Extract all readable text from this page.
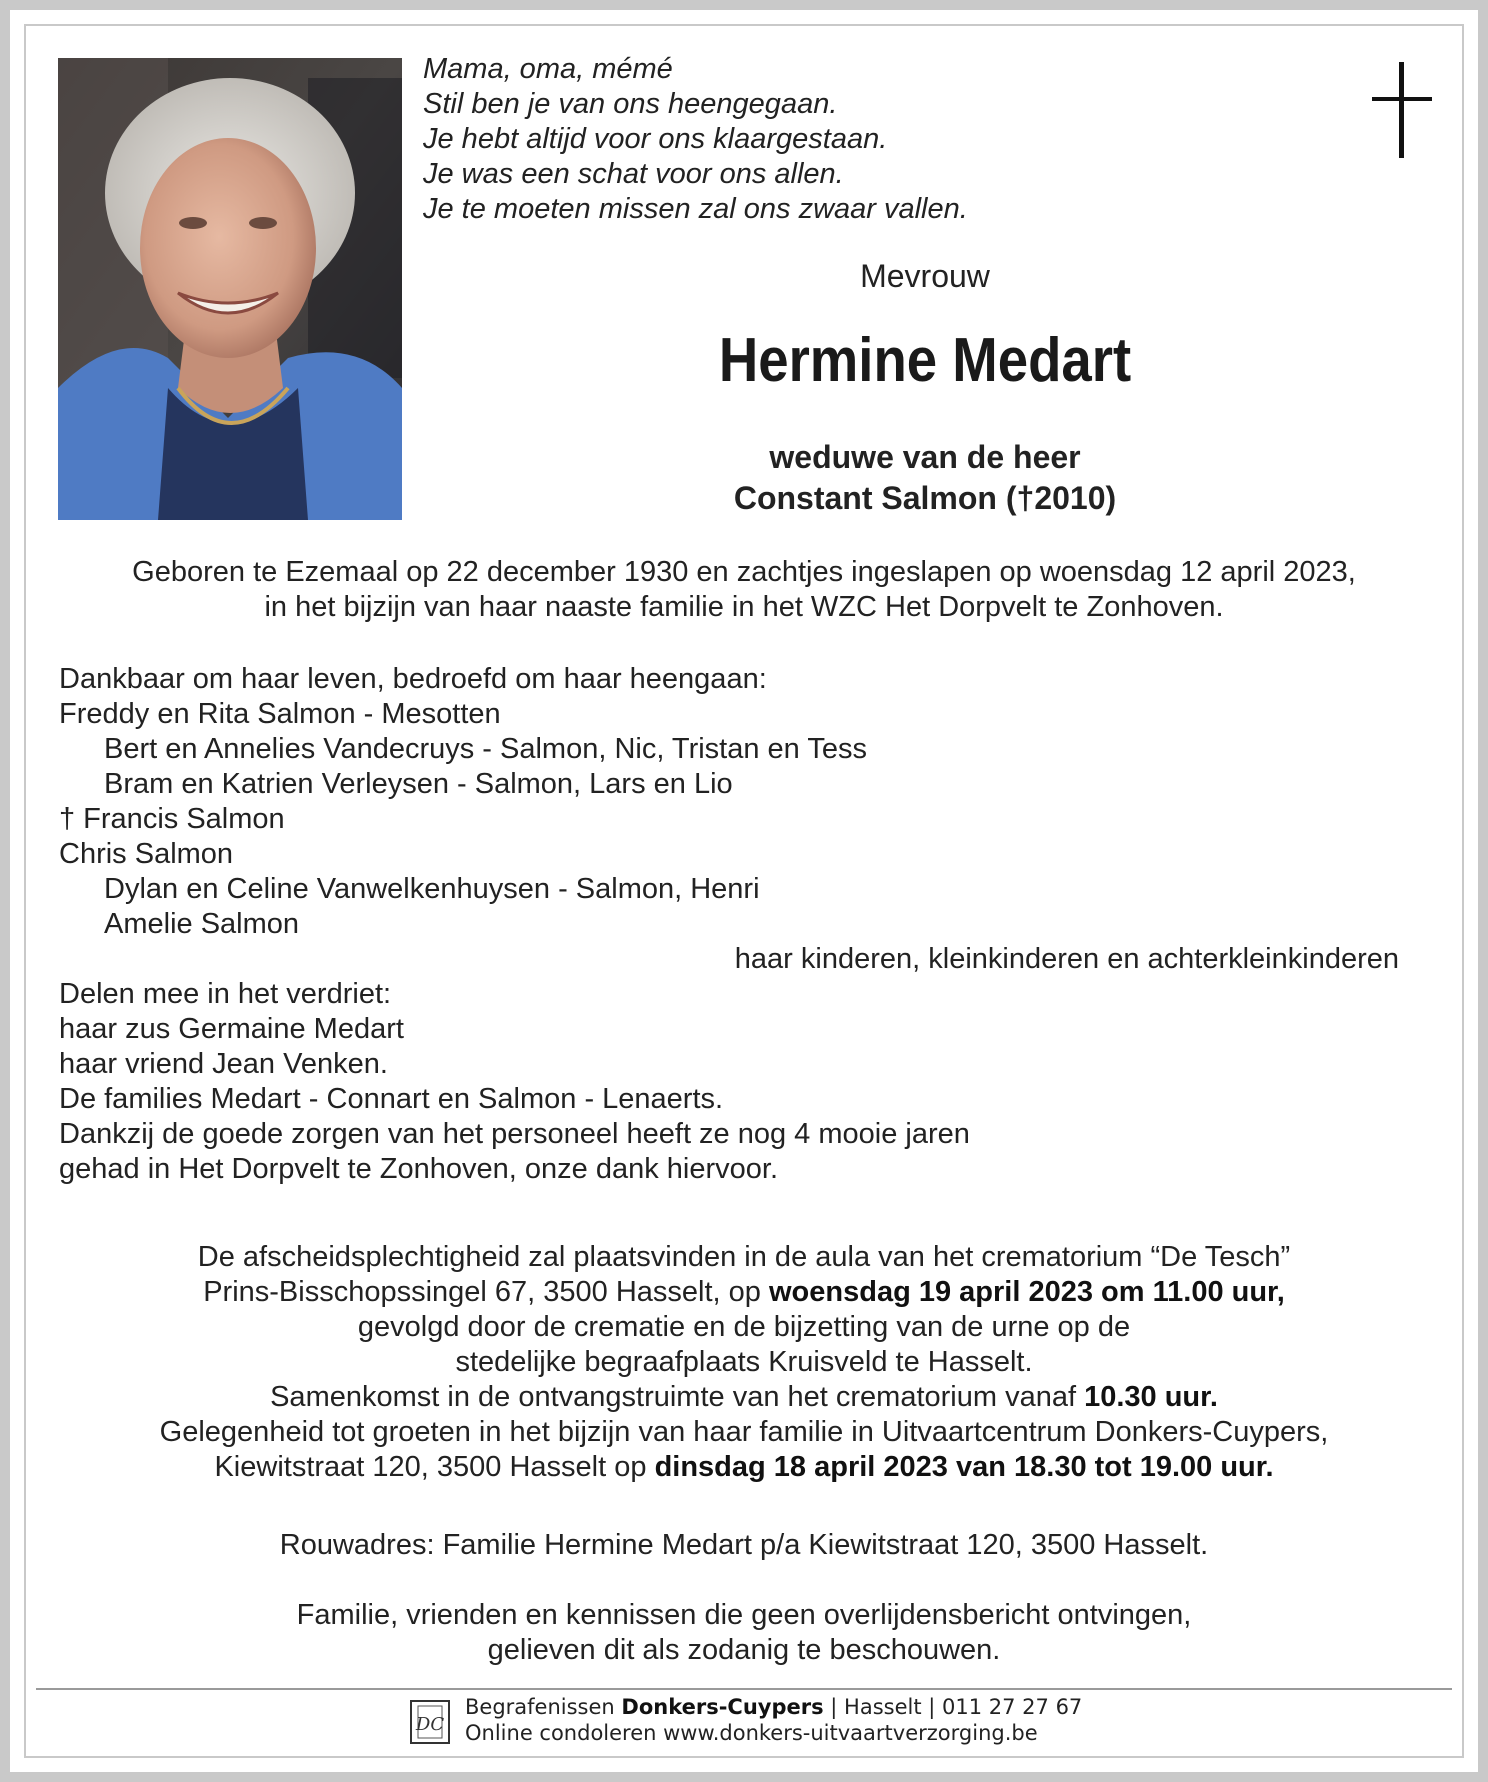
Mama, oma, mémé
Stil ben je van ons heengegaan.
Je hebt altijd voor ons klaargestaan.
Je was een schat voor ons allen.
Je te moeten missen zal ons zwaar vallen.
Mevrouw
Hermine Medart
weduwe van de heer
Constant Salmon (†2010)
Geboren te Ezemaal op 22 december 1930 en zachtjes ingeslapen op woensdag 12 april 2023,
in het bijzijn van haar naaste familie in het WZC Het Dorpvelt te Zonhoven.
Dankbaar om haar leven, bedroefd om haar heengaan:
Freddy en Rita Salmon - Mesotten
Bert en Annelies Vandecruys - Salmon, Nic, Tristan en Tess
Bram en Katrien Verleysen - Salmon, Lars en Lio
† Francis Salmon
Chris Salmon
Dylan en Celine Vanwelkenhuysen - Salmon, Henri
Amelie Salmon
haar kinderen, kleinkinderen en achterkleinkinderen
Delen mee in het verdriet:
haar zus Germaine Medart
haar vriend Jean Venken.
De families Medart - Connart en Salmon - Lenaerts.
Dankzij de goede zorgen van het personeel heeft ze nog 4 mooie jaren
gehad in Het Dorpvelt te Zonhoven, onze dank hiervoor.
De afscheidsplechtigheid zal plaatsvinden in de aula van het crematorium “De Tesch”
Prins-Bisschopssingel 67, 3500 Hasselt, op woensdag 19 april 2023 om 11.00 uur,
gevolgd door de crematie en de bijzetting van de urne op de
stedelijke begraafplaats Kruisveld te Hasselt.
Samenkomst in de ontvangstruimte van het crematorium vanaf 10.30 uur.
Gelegenheid tot groeten in het bijzijn van haar familie in Uitvaartcentrum Donkers-Cuypers,
Kiewitstraat 120, 3500 Hasselt op dinsdag 18 april 2023 van 18.30 tot 19.00 uur.
Rouwadres: Familie Hermine Medart p/a Kiewitstraat 120, 3500 Hasselt.
Familie, vrienden en kennissen die geen overlijdensbericht ontvingen,
gelieven dit als zodanig te beschouwen.
DC
Begrafenissen Donkers-Cuypers | Hasselt | 011 27 27 67
Online condoleren www.donkers-uitvaartverzorging.be
